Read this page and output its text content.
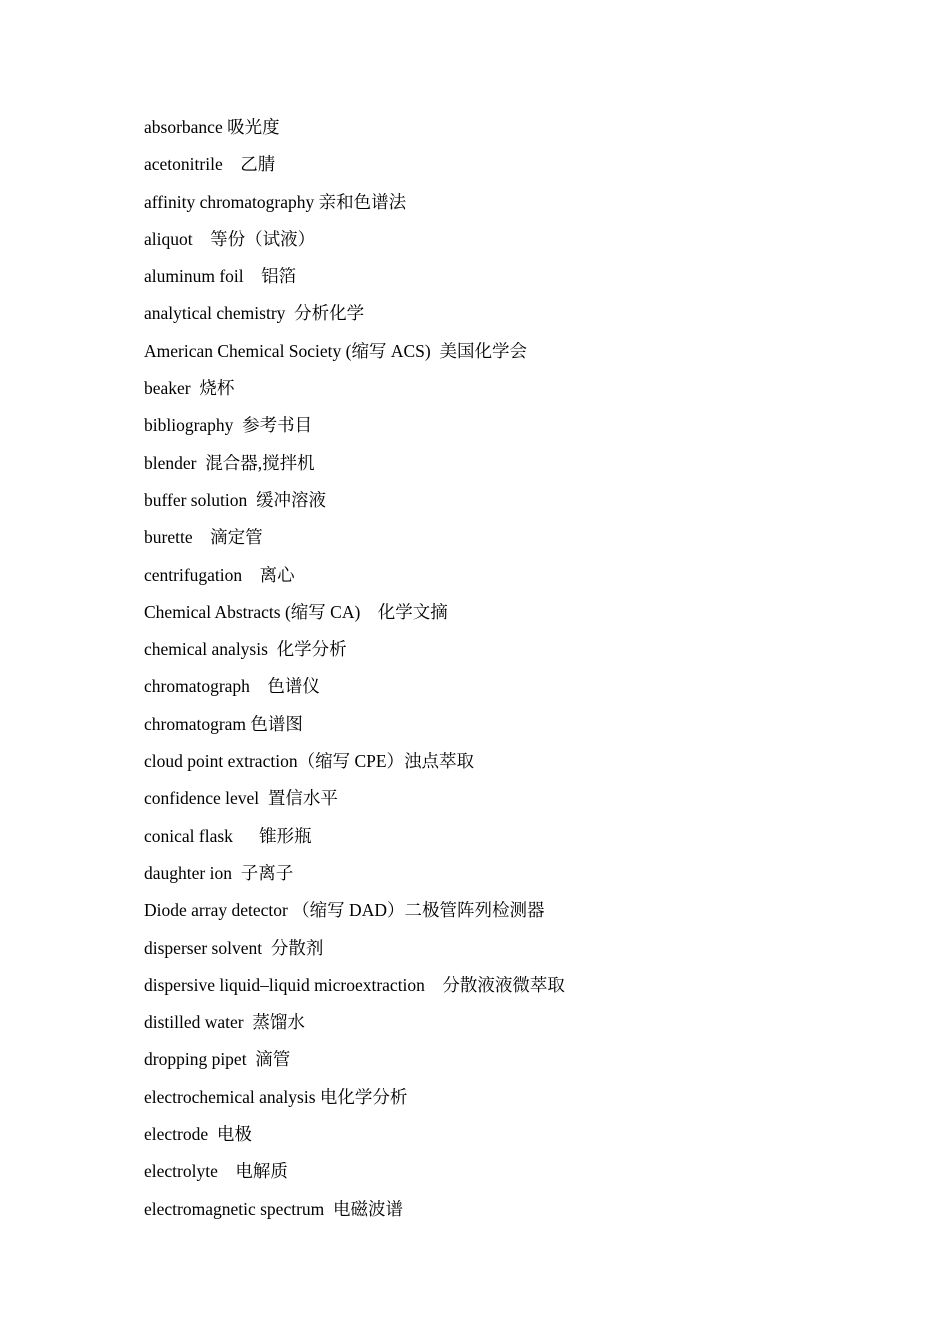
absorbance 吸光度
acetonitrile　乙腈
affinity chromatography 亲和色谱法
aliquot　等份（试液）
aluminum foil　铝箔
analytical chemistry  分析化学
American Chemical Society (缩写 ACS)  美国化学会
beaker  烧杯
bibliography  参考书目
blender  混合器,搅拌机
buffer solution  缓冲溶液
burette　滴定管
centrifugation　离心
Chemical Abstracts (缩写 CA)　化学文摘
chemical analysis  化学分析
chromatograph　色谱仪
chromatogram 色谱图
cloud point extraction（缩写 CPE）浊点萃取
confidence level  置信水平
conical flask　  锥形瓶
daughter ion  子离子
Diode array detector （缩写 DAD）二极管阵列检测器
disperser solvent  分散剂
dispersive liquid–liquid microextraction　分散液液微萃取
distilled water  蒸馏水
dropping pipet  滴管
electrochemical analysis 电化学分析
electrode  电极
electrolyte　电解质
electromagnetic spectrum  电磁波谱
